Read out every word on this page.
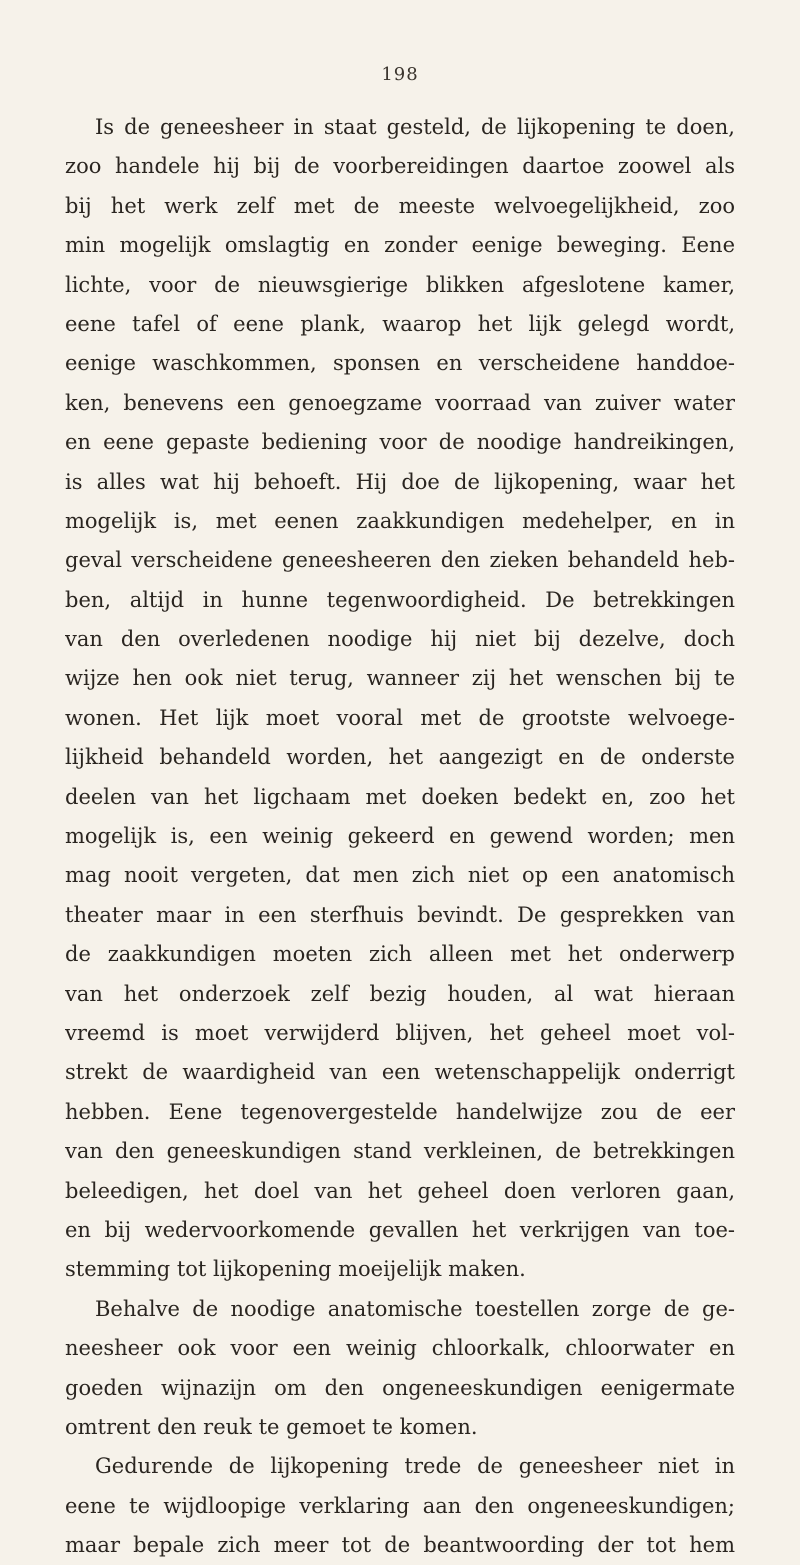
198
Is de geneesheer in staat gesteld, de lijkopening te doen,
zoo handele hij bij de voorbereidingen daartoe zoowel als
bij het werk zelf met de meeste welvoegelijkheid, zoo
min mogelijk omslagtig en zonder eenige beweging. Eene
lichte, voor de nieuwsgierige blikken afgeslotene kamer,
eene tafel of eene plank, waarop het lijk gelegd wordt,
eenige waschkommen, sponsen en verscheidene handdoe-
ken, benevens een genoegzame voorraad van zuiver water
en eene gepaste bediening voor de noodige handreikingen,
is alles wat hij behoeft. Hij doe de lijkopening, waar het
mogelijk is, met eenen zaakkundigen medehelper, en in
geval verscheidene geneesheeren den zieken behandeld heb-
ben, altijd in hunne tegenwoordigheid. De betrekkingen
van den overledenen noodige hij niet bij dezelve, doch
wijze hen ook niet terug, wanneer zij het wenschen bij te
wonen. Het lijk moet vooral met de grootste welvoege-
lijkheid behandeld worden, het aangezigt en de onderste
deelen van het ligchaam met doeken bedekt en, zoo het
mogelijk is, een weinig gekeerd en gewend worden; men
mag nooit vergeten, dat men zich niet op een anatomisch
theater maar in een sterfhuis bevindt. De gesprekken van
de zaakkundigen moeten zich alleen met het onderwerp
van het onderzoek zelf bezig houden, al wat hieraan
vreemd is moet verwijderd blijven, het geheel moet vol-
strekt de waardigheid van een wetenschappelijk onderrigt
hebben. Eene tegenovergestelde handelwijze zou de eer
van den geneeskundigen stand verkleinen, de betrekkingen
beleedigen, het doel van het geheel doen verloren gaan,
en bij wedervoorkomende gevallen het verkrijgen van toe-
stemming tot lijkopening moeijelijk maken.
Behalve de noodige anatomische toestellen zorge de ge-
neesheer ook voor een weinig chloorkalk, chloorwater en
goeden wijnazijn om den ongeneeskundigen eenigermate
omtrent den reuk te gemoet te komen.
Gedurende de lijkopening trede de geneesheer niet in
eene te wijdloopige verklaring aan den ongeneeskundigen;
maar bepale zich meer tot de beantwoording der tot hem
